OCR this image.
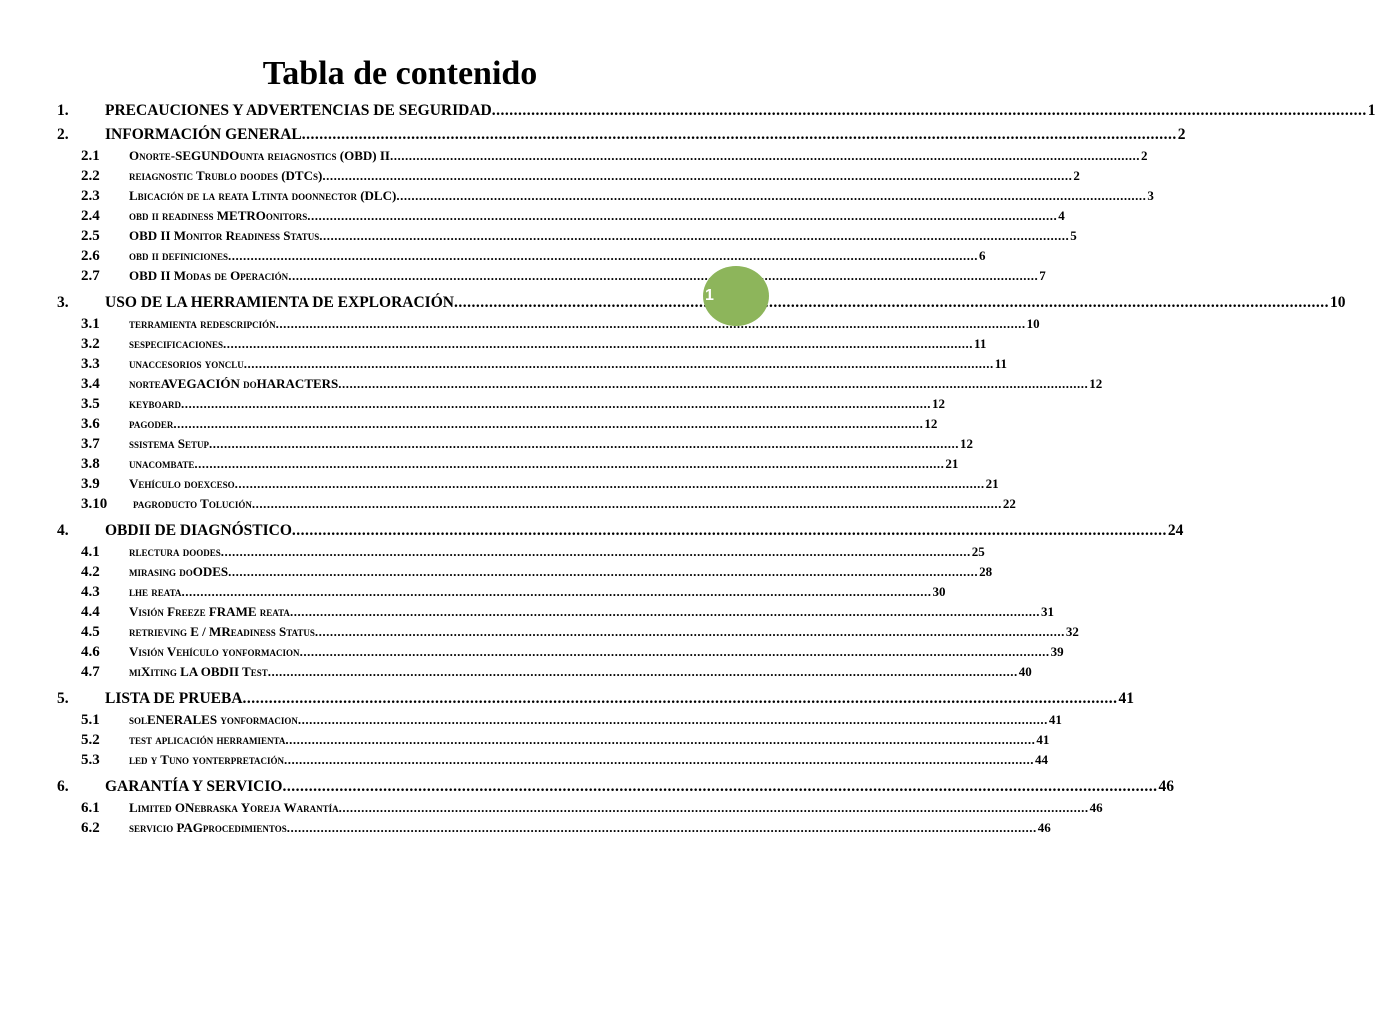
Tabla de contenido
1.	PRECAUCIONES Y ADVERTENCIAS DE SEGURIDAD .....	1
2.	INFORMACIÓN GENERAL .....	2
2.1	Onorte-SEGUNDOunta reiagnostics (OBD) II .....	2
2.2	reiagnostic Trublo doodes (DTCs) .....	2
2.3	Lbicación de la reata Ltinta doonnector (DLC) .....	3
2.4	obd ii readiness METROonitors .....	4
2.5	OBD II Monitor Readiness Status .....	5
2.6	obd ii definiciones .....	6
2.7	OBD II Modas de Operación .....	7
3.	USO DE LA HERRAMIENTA DE EXPLORACIÓN .....	10
3.1	terramienta redescripción .....	10
3.2	sespecificaciones .....	11
3.3	unaccesorios yonclu .....	11
3.4	norteAVEGACIÓN doHARACTERS .....	12
3.5	keyboard .....	12
3.6	pagoder .....	12
3.7	ssistema Setup .....	12
3.8	unacombate .....	21
3.9	Vehículo doexceso .....	21
3.10	pagroducto Tolución .....	22
4.	OBDII DE DIAGNÓSTICO .....	24
4.1	rlectura doodes .....	25
4.2	mirasing doODES .....	28
4.3	lhe reata .....	30
4.4	Visión Freeze FRAME reata .....	31
4.5	retrieving E / MReadiness Status .....	32
4.6	Visión Vehículo yonformacion .....	39
4.7	miXiting LA OBDII Test .....	40
5.	LISTA DE PRUEBA .....	41
5.1	solENERALES yonformacion .....	41
5.2	test aplicación herramienta .....	41
5.3	led y Tuno yonterpretación .....	44
6.	GARANTÍA Y SERVICIO .....	46
6.1	Limited ONebraska Yoreja Warantía .....	46
6.2	servicio PAGprocedimientos .....	46
1
